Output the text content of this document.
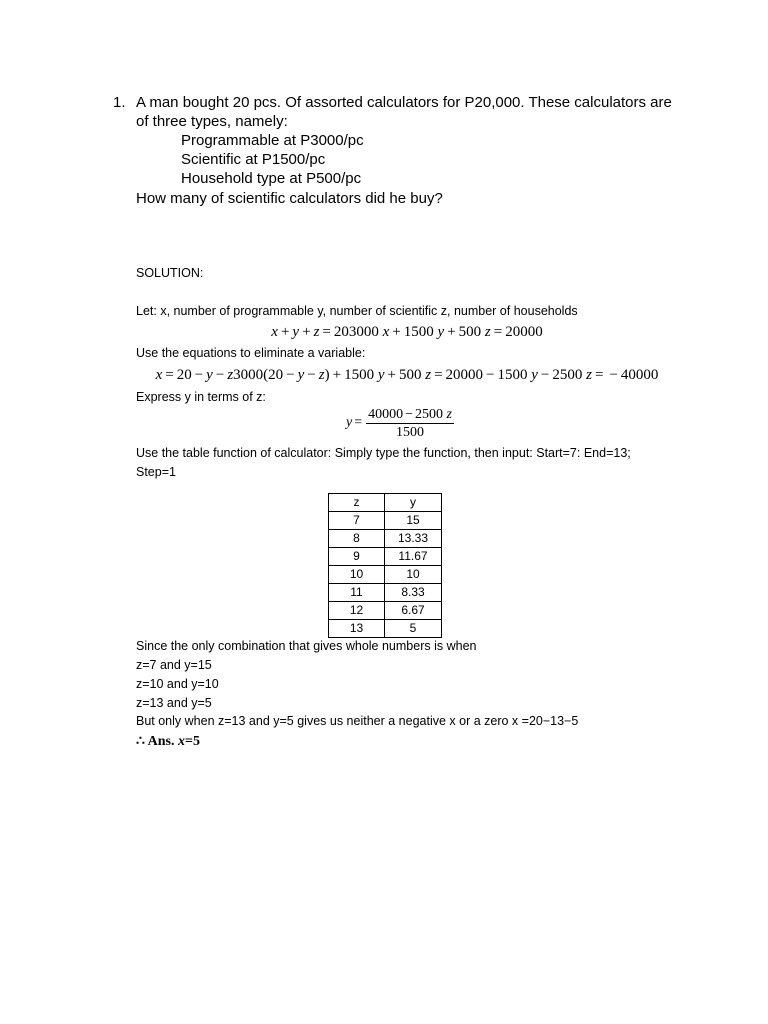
1. A man bought 20 pcs. Of assorted calculators for P20,000. These calculators are
of three types, namely:
Programmable at P3000/pc
Scientific at P1500/pc
Household type at P500/pc
How many of scientific calculators did he buy?
SOLUTION:
Let: x, number of programmable y, number of scientific z, number of households
x + y + z = 203000 x + 1500 y + 500 z = 20000
Use the equations to eliminate a variable:
x = 20 − y − z3000(20 − y − z) + 1500 y + 500 z = 20000 − 1500 y − 2500 z = − 40000
Express y in terms of z:
$y = \frac{40000 - 2500 z}{1500}$
Use the table function of calculator: Simply type the function, then input: Start=7: End=13;
Step=1
z	y
7	15
8	13.33
9	11.67
10	10
11	8.33
12	6.67
13	5
Since the only combination that gives whole numbers is when
z=7 and y=15
z=10 and y=10
z=13 and y=5
But only when z=13 and y=5 gives us neither a negative x or a zero x =20−13−5
∴ Ans. x=5
